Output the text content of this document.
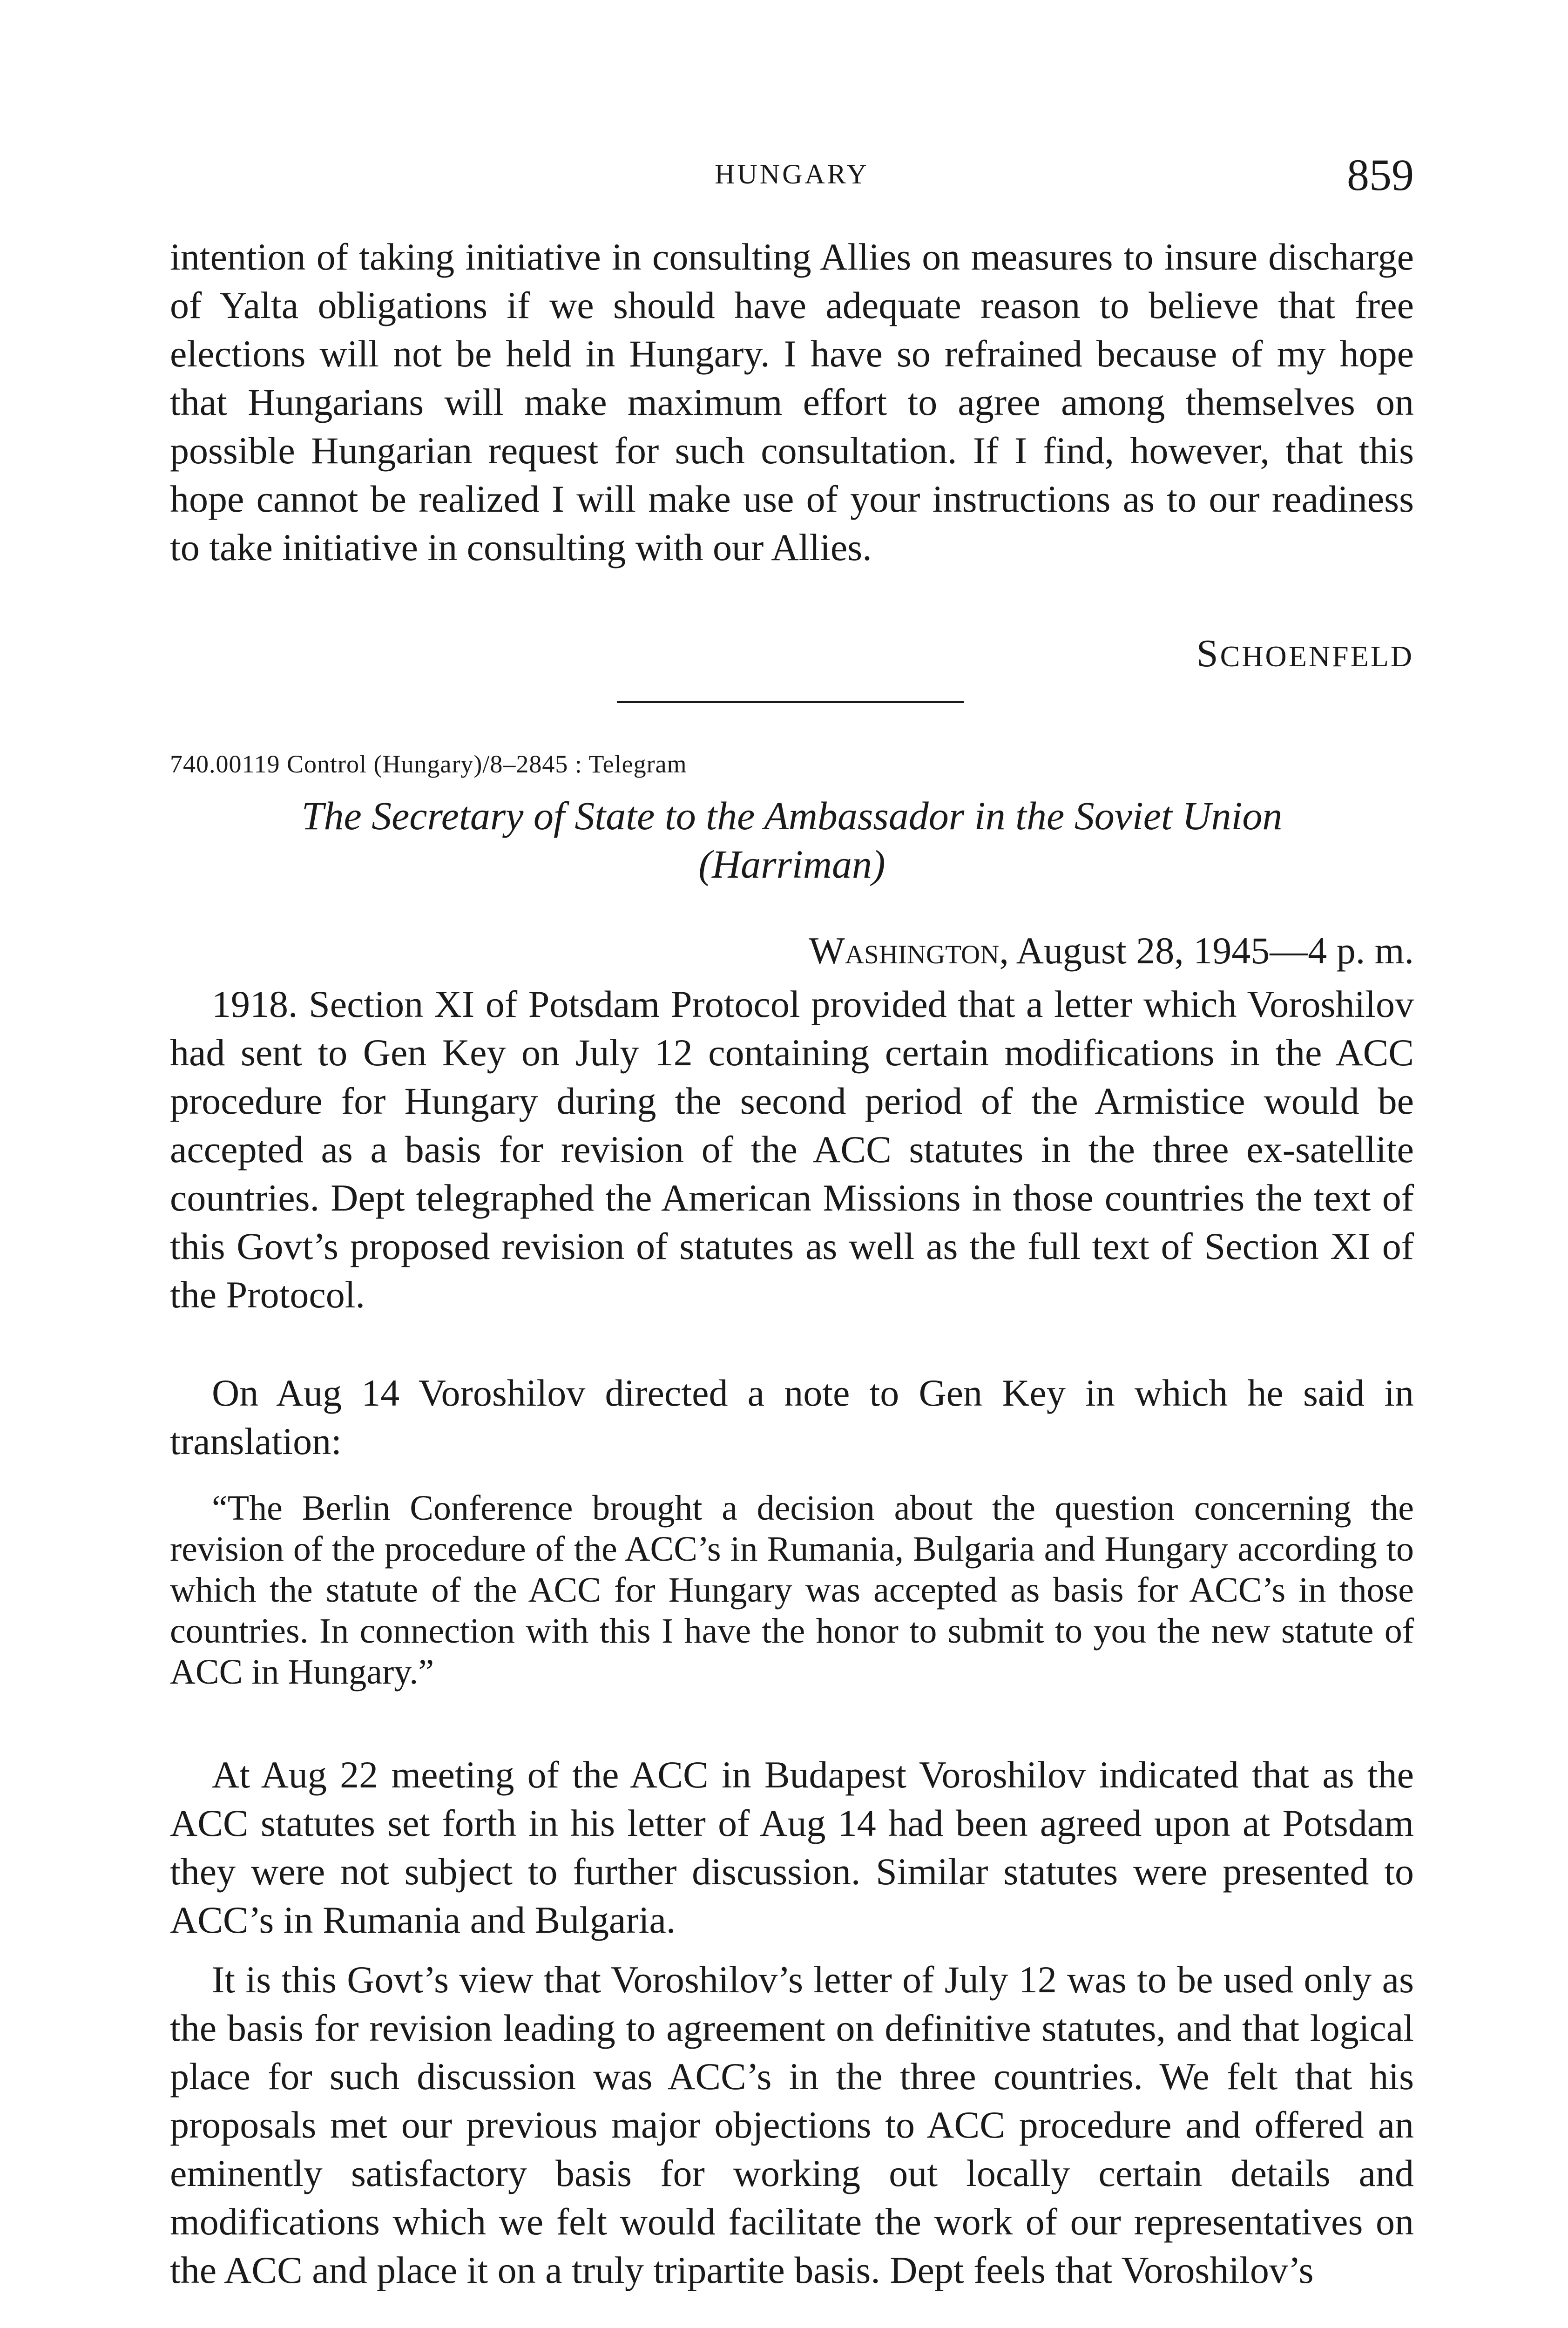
HUNGARY	859

intention of taking initiative in consulting Allies on measures to insure discharge of Yalta obligations if we should have adequate reason to believe that free elections will not be held in Hungary. I have so refrained because of my hope that Hungarians will make maximum effort to agree among themselves on possible Hungarian request for such consultation. If I find, however, that this hope cannot be realized I will make use of your instructions as to our readiness to take initiative in consulting with our Allies.

SCHOENFELD
740.00119 Control (Hungary)/8–2845 : Telegram
The Secretary of State to the Ambassador in the Soviet Union
(Harriman)
Washington, August 28, 1945—4 p. m.

1918. Section XI of Potsdam Protocol provided that a letter which Voroshilov had sent to Gen Key on July 12 containing certain modifications in the ACC procedure for Hungary during the second period of the Armistice would be accepted as a basis for revision of the ACC statutes in the three ex-satellite countries. Dept telegraphed the American Missions in those countries the text of this Govt’s proposed revision of statutes as well as the full text of Section XI of the Protocol.

On Aug 14 Voroshilov directed a note to Gen Key in which he said in translation:

“The Berlin Conference brought a decision about the question concerning the revision of the procedure of the ACC’s in Rumania, Bulgaria and Hungary according to which the statute of the ACC for Hungary was accepted as basis for ACC’s in those countries. In connection with this I have the honor to submit to you the new statute of ACC in Hungary.”

At Aug 22 meeting of the ACC in Budapest Voroshilov indicated that as the ACC statutes set forth in his letter of Aug 14 had been agreed upon at Potsdam they were not subject to further discussion. Similar statutes were presented to ACC’s in Rumania and Bulgaria.

It is this Govt’s view that Voroshilov’s letter of July 12 was to be used only as the basis for revision leading to agreement on definitive statutes, and that logical place for such discussion was ACC’s in the three countries. We felt that his proposals met our previous major objections to ACC procedure and offered an eminently satisfactory basis for working out locally certain details and modifications which we felt would facilitate the work of our representatives on the ACC and place it on a truly tripartite basis. Dept feels that Voroshilov’s
